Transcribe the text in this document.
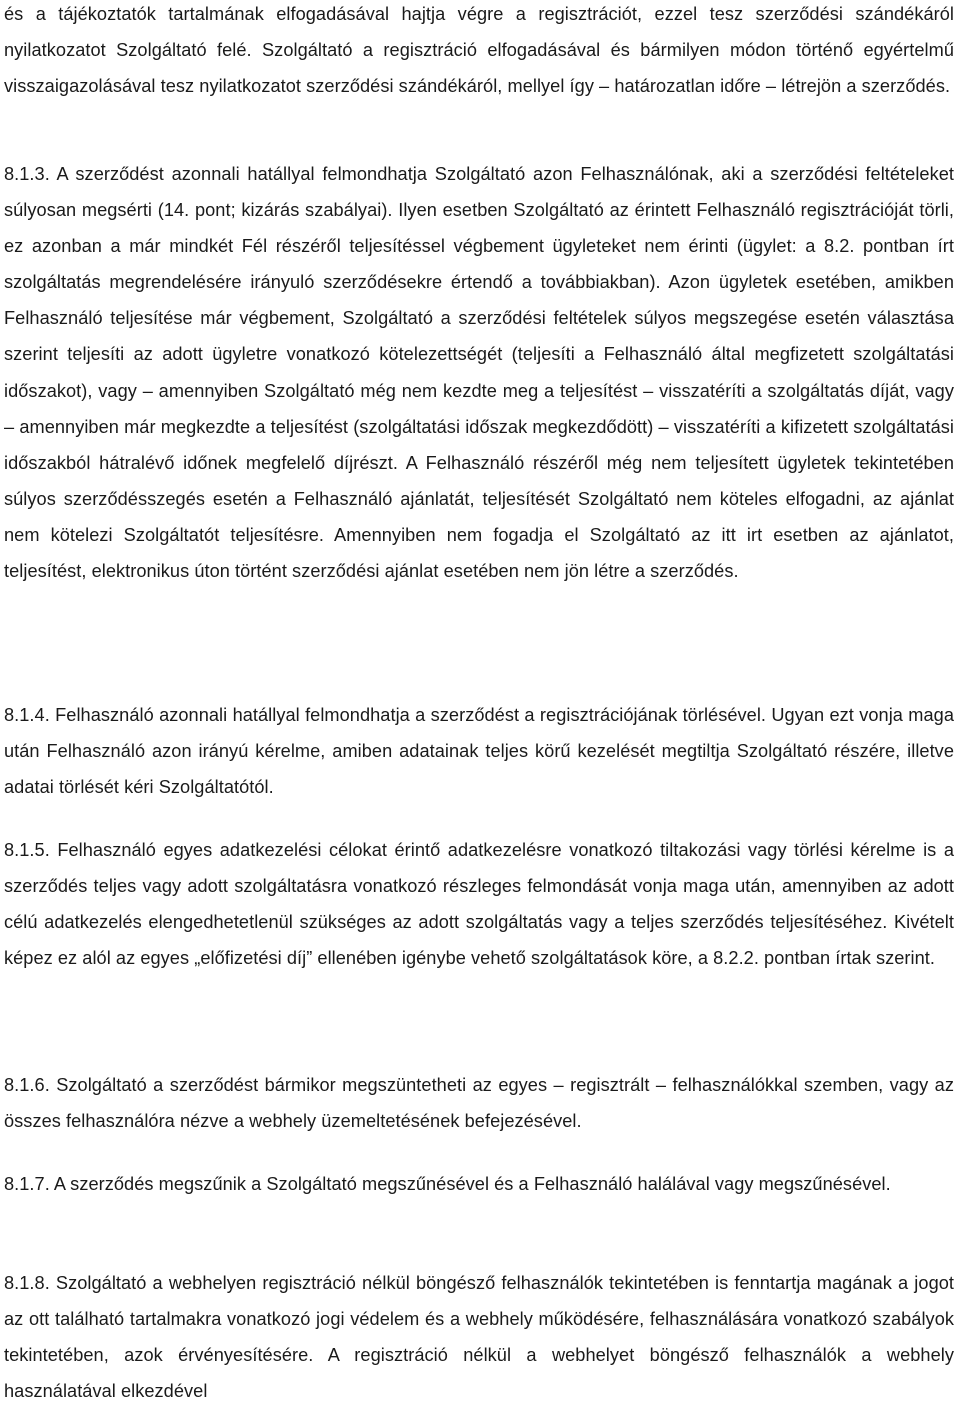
és a tájékoztatók tartalmának elfogadásával hajtja végre a regisztrációt, ezzel tesz szerződési szándékáról nyilatkozatot Szolgáltató felé. Szolgáltató a regisztráció elfogadásával és bármilyen módon történő egyértelmű visszaigazolásával tesz nyilatkozatot szerződési szándékáról, mellyel így – határozatlan időre – létrejön a szerződés.

8.1.3. A szerződést azonnali hatállyal felmondhatja Szolgáltató azon Felhasználónak, aki a szerződési feltételeket súlyosan megsérti (14. pont; kizárás szabályai). Ilyen esetben Szolgáltató az érintett Felhasználó regisztrációját törli, ez azonban a már mindkét Fél részéről teljesítéssel végbement ügyleteket nem érinti (ügylet: a 8.2. pontban írt szolgáltatás megrendelésére irányuló szerződésekre értendő a továbbiakban). Azon ügyletek esetében, amikben Felhasználó teljesítése már végbement, Szolgáltató a szerződési feltételek súlyos megszegése esetén választása szerint teljesíti az adott ügyletre vonatkozó kötelezettségét (teljesíti a Felhasználó által megfizetett szolgáltatási időszakot), vagy – amennyiben Szolgáltató még nem kezdte meg a teljesítést – visszatéríti a szolgáltatás díját, vagy – amennyiben már megkezdte a teljesítést (szolgáltatási időszak megkezdődött) – visszatéríti a kifizetett szolgáltatási időszakból hátralévő időnek megfelelő díjrészt. A Felhasználó részéről még nem teljesített ügyletek tekintetében súlyos szerződésszegés esetén a Felhasználó ajánlatát, teljesítését Szolgáltató nem köteles elfogadni, az ajánlat nem kötelezi Szolgáltatót teljesítésre. Amennyiben nem fogadja el Szolgáltató az itt irt esetben az ajánlatot, teljesítést, elektronikus úton történt szerződési ajánlat esetében nem jön létre a szerződés.

8.1.4. Felhasználó azonnali hatállyal felmondhatja a szerződést a regisztrációjának törlésével. Ugyan ezt vonja maga után Felhasználó azon irányú kérelme, amiben adatainak teljes körű kezelését megtiltja Szolgáltató részére, illetve adatai törlését kéri Szolgáltatótól.

8.1.5. Felhasználó egyes adatkezelési célokat érintő adatkezelésre vonatkozó tiltakozási vagy törlési kérelme is a szerződés teljes vagy adott szolgáltatásra vonatkozó részleges felmondását vonja maga után, amennyiben az adott célú adatkezelés elengedhetetlenül szükséges az adott szolgáltatás vagy a teljes szerződés teljesítéséhez. Kivételt képez ez alól az egyes „előfizetési díj” ellenében igénybe vehető szolgáltatások köre, a 8.2.2. pontban írtak szerint.

8.1.6. Szolgáltató a szerződést bármikor megszüntetheti az egyes – regisztrált – felhasználókkal szemben, vagy az összes felhasználóra nézve a webhely üzemeltetésének befejezésével.

8.1.7. A szerződés megszűnik a Szolgáltató megszűnésével és a Felhasználó halálával vagy megszűnésével.

8.1.8. Szolgáltató a webhelyen regisztráció nélkül böngésző felhasználók tekintetében is fenntartja magának a jogot az ott található tartalmakra vonatkozó jogi védelem és a webhely működésére, felhasználására vonatkozó szabályok tekintetében, azok érvényesítésére. A regisztráció nélkül a webhelyet böngésző felhasználók a webhely használatával elkezdével
